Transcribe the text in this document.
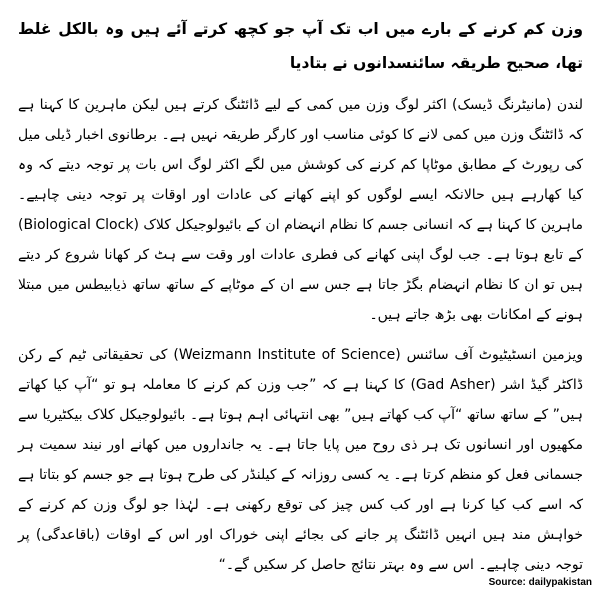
وزن کم کرنے کے بارے میں اب تک آپ جو کچھ کرتے آئے ہیں وہ بالکل غلط تھا، صحیح طریقہ سائنسدانوں نے بتادیا

لندن (مانیٹرنگ ڈیسک) اکثر لوگ وزن میں کمی کے لیے ڈائٹنگ کرتے ہیں لیکن ماہرین کا کہنا ہے کہ ڈائٹنگ وزن میں کمی لانے کا کوئی مناسب اور کارگر طریقہ نہیں ہے۔ برطانوی اخبار ڈیلی میل کی رپورٹ کے مطابق موٹاپا کم کرنے کی کوشش میں لگے اکثر لوگ اس بات پر توجہ دیتے کہ وہ کیا کھارہے ہیں حالانکہ ایسے لوگوں کو اپنے کھانے کی عادات اور اوقات پر توجہ دینی چاہیے۔ ماہرین کا کہنا ہے کہ انسانی جسم کا نظام انہضام ان کے بائیولوجیکل کلاک (Biological Clock) کے تابع ہوتا ہے۔ جب لوگ اپنی کھانے کی فطری عادات اور وقت سے ہٹ کر کھانا شروع کر دیتے ہیں تو ان کا نظام انہضام بگڑ جاتا ہے جس سے ان کے موٹاپے کے ساتھ ساتھ ذیابیطس میں مبتلا ہونے کے امکانات بھی بڑھ جاتے ہیں۔

ویزمین انسٹیٹیوٹ آف سائنس (Weizmann Institute of Science) کی تحقیقاتی ٹیم کے رکن ڈاکٹر گیڈ اشر (Gad Asher) کا کہنا ہے کہ ”جب وزن کم کرنے کا معاملہ ہو تو “آپ کیا کھاتے ہیں” کے ساتھ ساتھ “آپ کب کھاتے ہیں” بھی انتہائی اہم ہوتا ہے۔ بائیولوجیکل کلاک بیکٹیریا سے مکھیوں اور انسانوں تک ہر ذی روح میں پایا جاتا ہے۔ یہ جانداروں میں کھانے اور نیند سمیت ہر جسمانی فعل کو منظم کرتا ہے۔ یہ کسی روزانہ کے کیلنڈر کی طرح ہوتا ہے جو جسم کو بتاتا ہے کہ اسے کب کیا کرنا ہے اور کب کس چیز کی توقع رکھنی ہے۔ لہٰذا جو لوگ وزن کم کرنے کے خواہش مند ہیں انہیں ڈائٹنگ پر جانے کی بجائے اپنی خوراک اور اس کے اوقات (باقاعدگی) پر توجہ دینی چاہیے۔ اس سے وہ بہتر نتائج حاصل کر سکیں گے۔“

Source: dailypakistan
